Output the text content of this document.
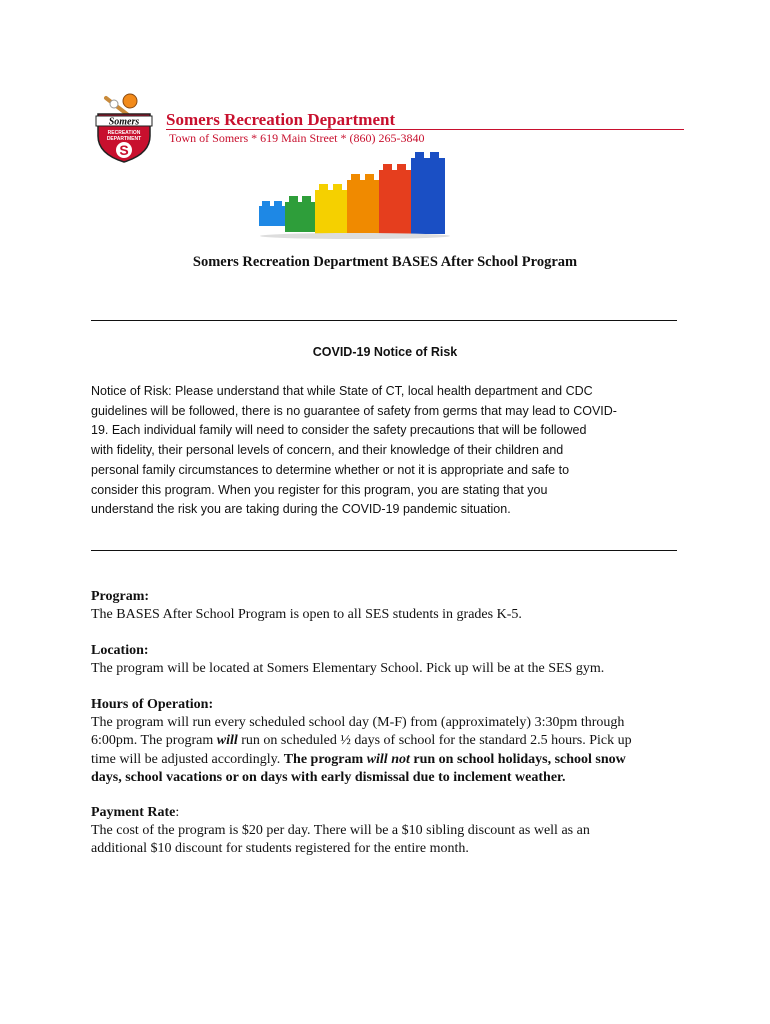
Somers
RECREATION
DEPARTMENT
S
Somers Recreation Department
Town of Somers * 619 Main Street * (860) 265-3840
Somers Recreation Department BASES After School Program
COVID-19 Notice of Risk
Notice of Risk: Please understand that while State of CT, local health department and CDC
guidelines will be followed, there is no guarantee of safety from germs that may lead to COVID-
19. Each individual family will need to consider the safety precautions that will be followed
with fidelity, their personal levels of concern, and their knowledge of their children and
personal family circumstances to determine whether or not it is appropriate and safe to
consider this program. When you register for this program, you are stating that you
understand the risk you are taking during the COVID-19 pandemic situation.
Program:
The BASES After School Program is open to all SES students in grades K-5.
Location:
The program will be located at Somers Elementary School. Pick up will be at the SES gym.
Hours of Operation:
The program will run every scheduled school day (M-F) from (approximately) 3:30pm through
6:00pm. The program will run on scheduled ½ days of school for the standard 2.5 hours. Pick up
time will be adjusted accordingly. The program will not run on school holidays, school snow
days, school vacations or on days with early dismissal due to inclement weather.
Payment Rate:
The cost of the program is $20 per day. There will be a $10 sibling discount as well as an
additional $10 discount for students registered for the entire month.
